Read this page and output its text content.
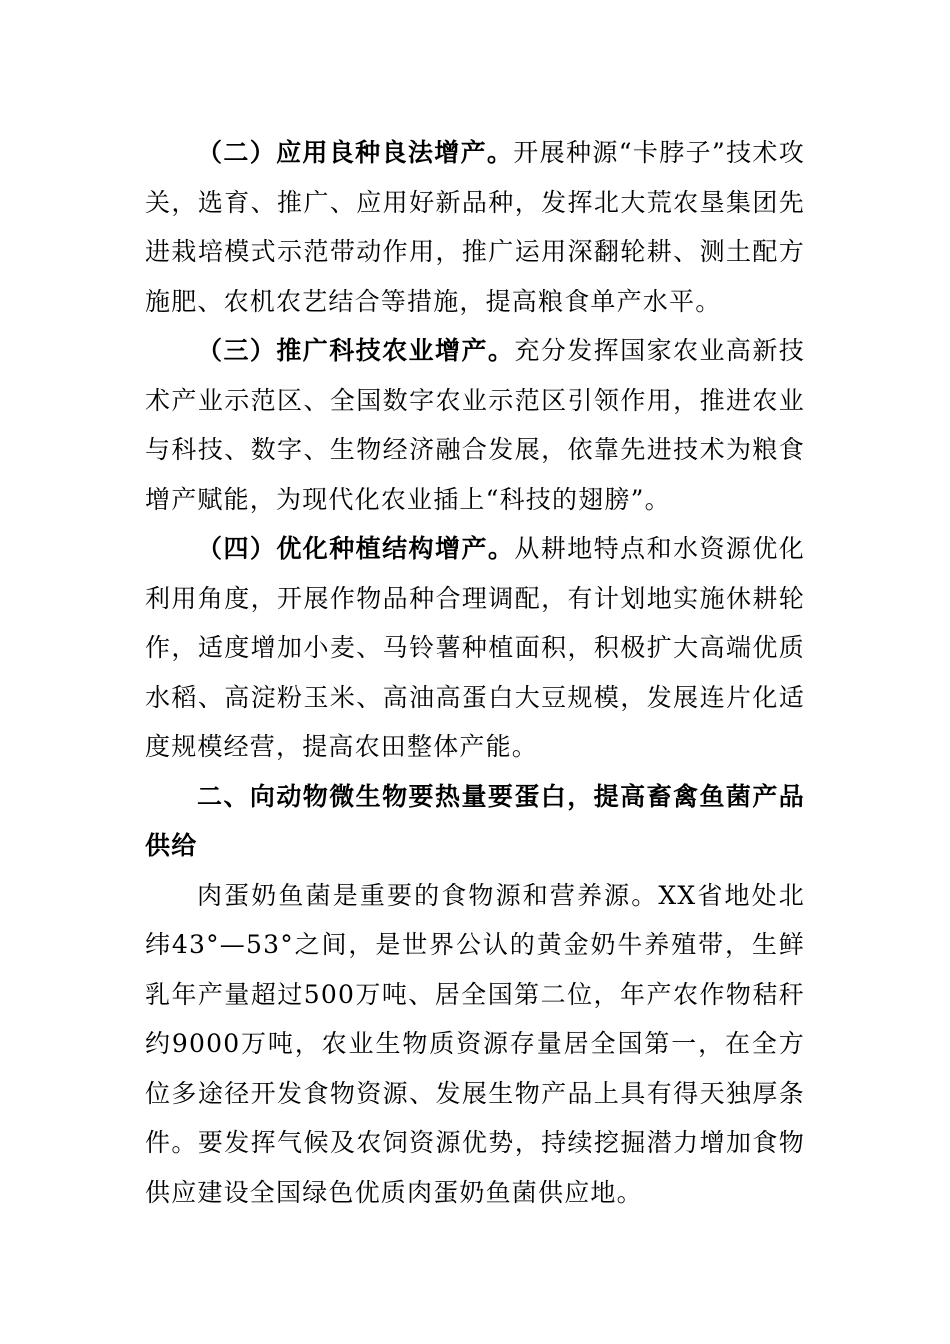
（二）应用良种良法增产。开展种源“卡脖子”技术攻关，选育、推广、应用好新品种，发挥北大荒农垦集团先进栽培模式示范带动作用，推广运用深翻轮耕、测土配方施肥、农机农艺结合等措施，提高粮食单产水平。

（三）推广科技农业增产。充分发挥国家农业高新技术产业示范区、全国数字农业示范区引领作用，推进农业与科技、数字、生物经济融合发展，依靠先进技术为粮食增产赋能，为现代化农业插上“科技的翅膀”。

（四）优化种植结构增产。从耕地特点和水资源优化利用角度，开展作物品种合理调配，有计划地实施休耕轮作，适度增加小麦、马铃薯种植面积，积极扩大高端优质水稻、高淀粉玉米、高油高蛋白大豆规模，发展连片化适度规模经营，提高农田整体产能。

二、向动物微生物要热量要蛋白，提高畜禽鱼菌产品供给

肉蛋奶鱼菌是重要的食物源和营养源。XX省地处北纬43°—53°之间，是世界公认的黄金奶牛养殖带，生鲜乳年产量超过500万吨、居全国第二位，年产农作物秸秆约9000万吨，农业生物质资源存量居全国第一，在全方位多途径开发食物资源、发展生物产品上具有得天独厚条件。要发挥气候及农饲资源优势，持续挖掘潜力增加食物供应建设全国绿色优质肉蛋奶鱼菌供应地。
